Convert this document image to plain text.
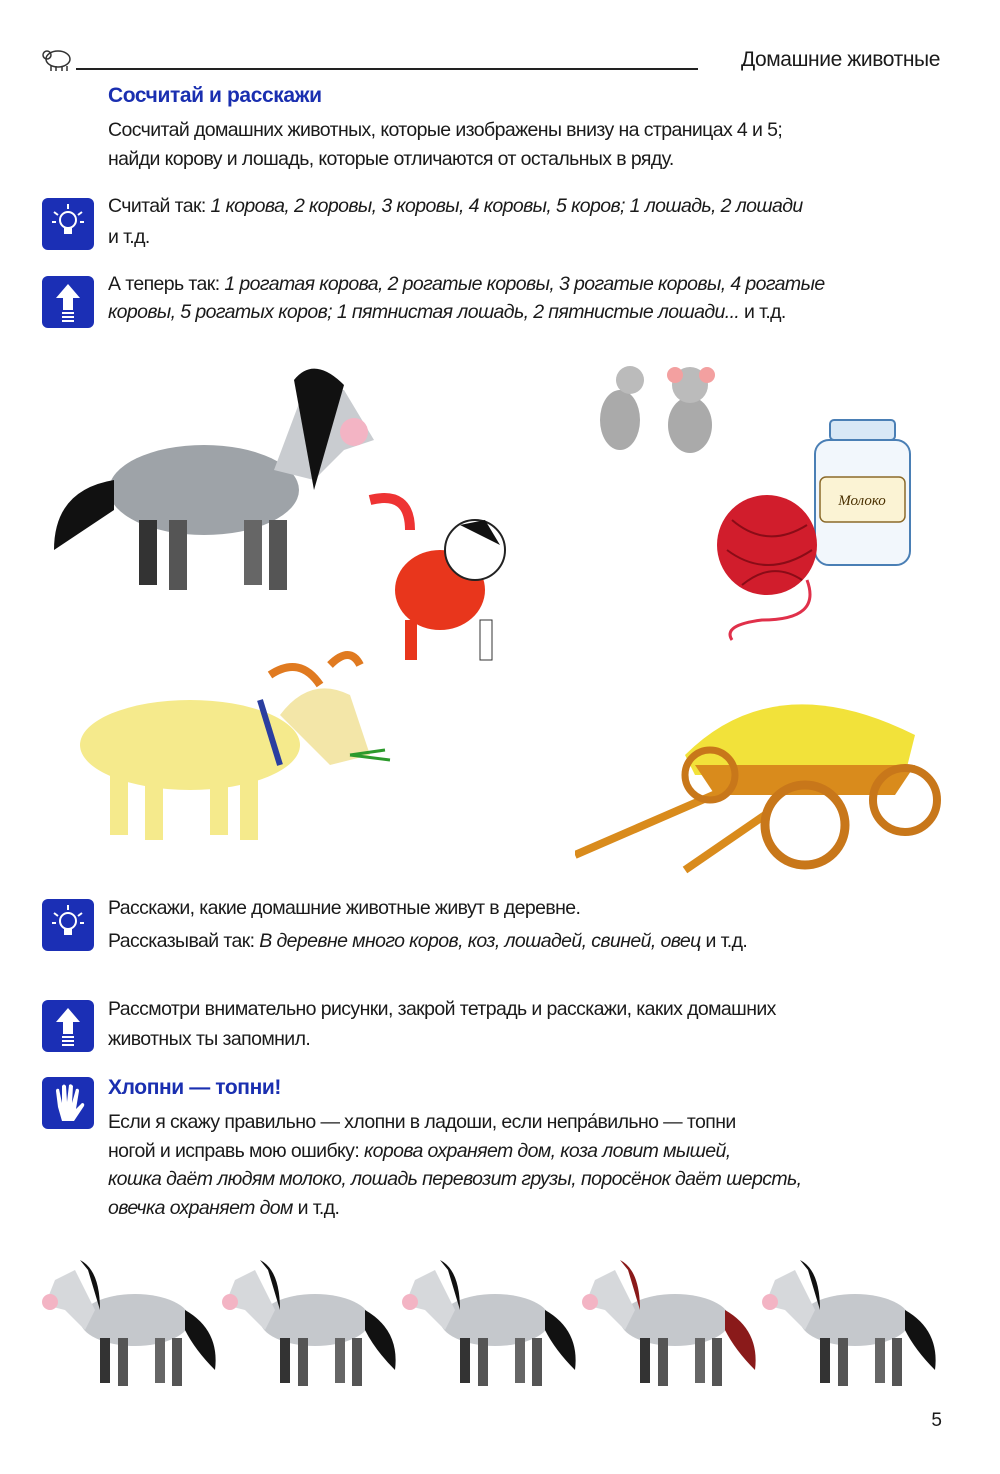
Домашние животные
Сосчитай и расскажи
Сосчитай домашних животных, которые изображены внизу на страницах 4 и 5;
найди корову и лошадь, которые отличаются от остальных в ряду.
Считай так: 1 корова, 2 коровы, 3 коровы, 4 коровы, 5 коров; 1 лошадь, 2 лошади
и т.д.
А теперь так: 1 рогатая корова, 2 рогатые коровы, 3 рогатые коровы, 4 рогатые
коровы, 5 рогатых коров; 1 пятнистая лошадь, 2 пятнистые лошади... и т.д.
Молоко
Расскажи, какие домашние животные живут в деревне.
Рассказывай так: В деревне много коров, коз, лошадей, свиней, овец и т.д.
Рассмотри внимательно рисунки, закрой тетрадь и расскажи, каких домашних
животных ты запомнил.
Хлопни — топни!
Если я скажу правильно — хлопни в ладоши, если непра́вильно — топни
ногой и исправь мою ошибку: корова охраняет дом, коза ловит мышей,
кошка даёт людям молоко, лошадь перевозит грузы, поросёнок даёт шерсть,
овечка охраняет дом и т.д.
5
